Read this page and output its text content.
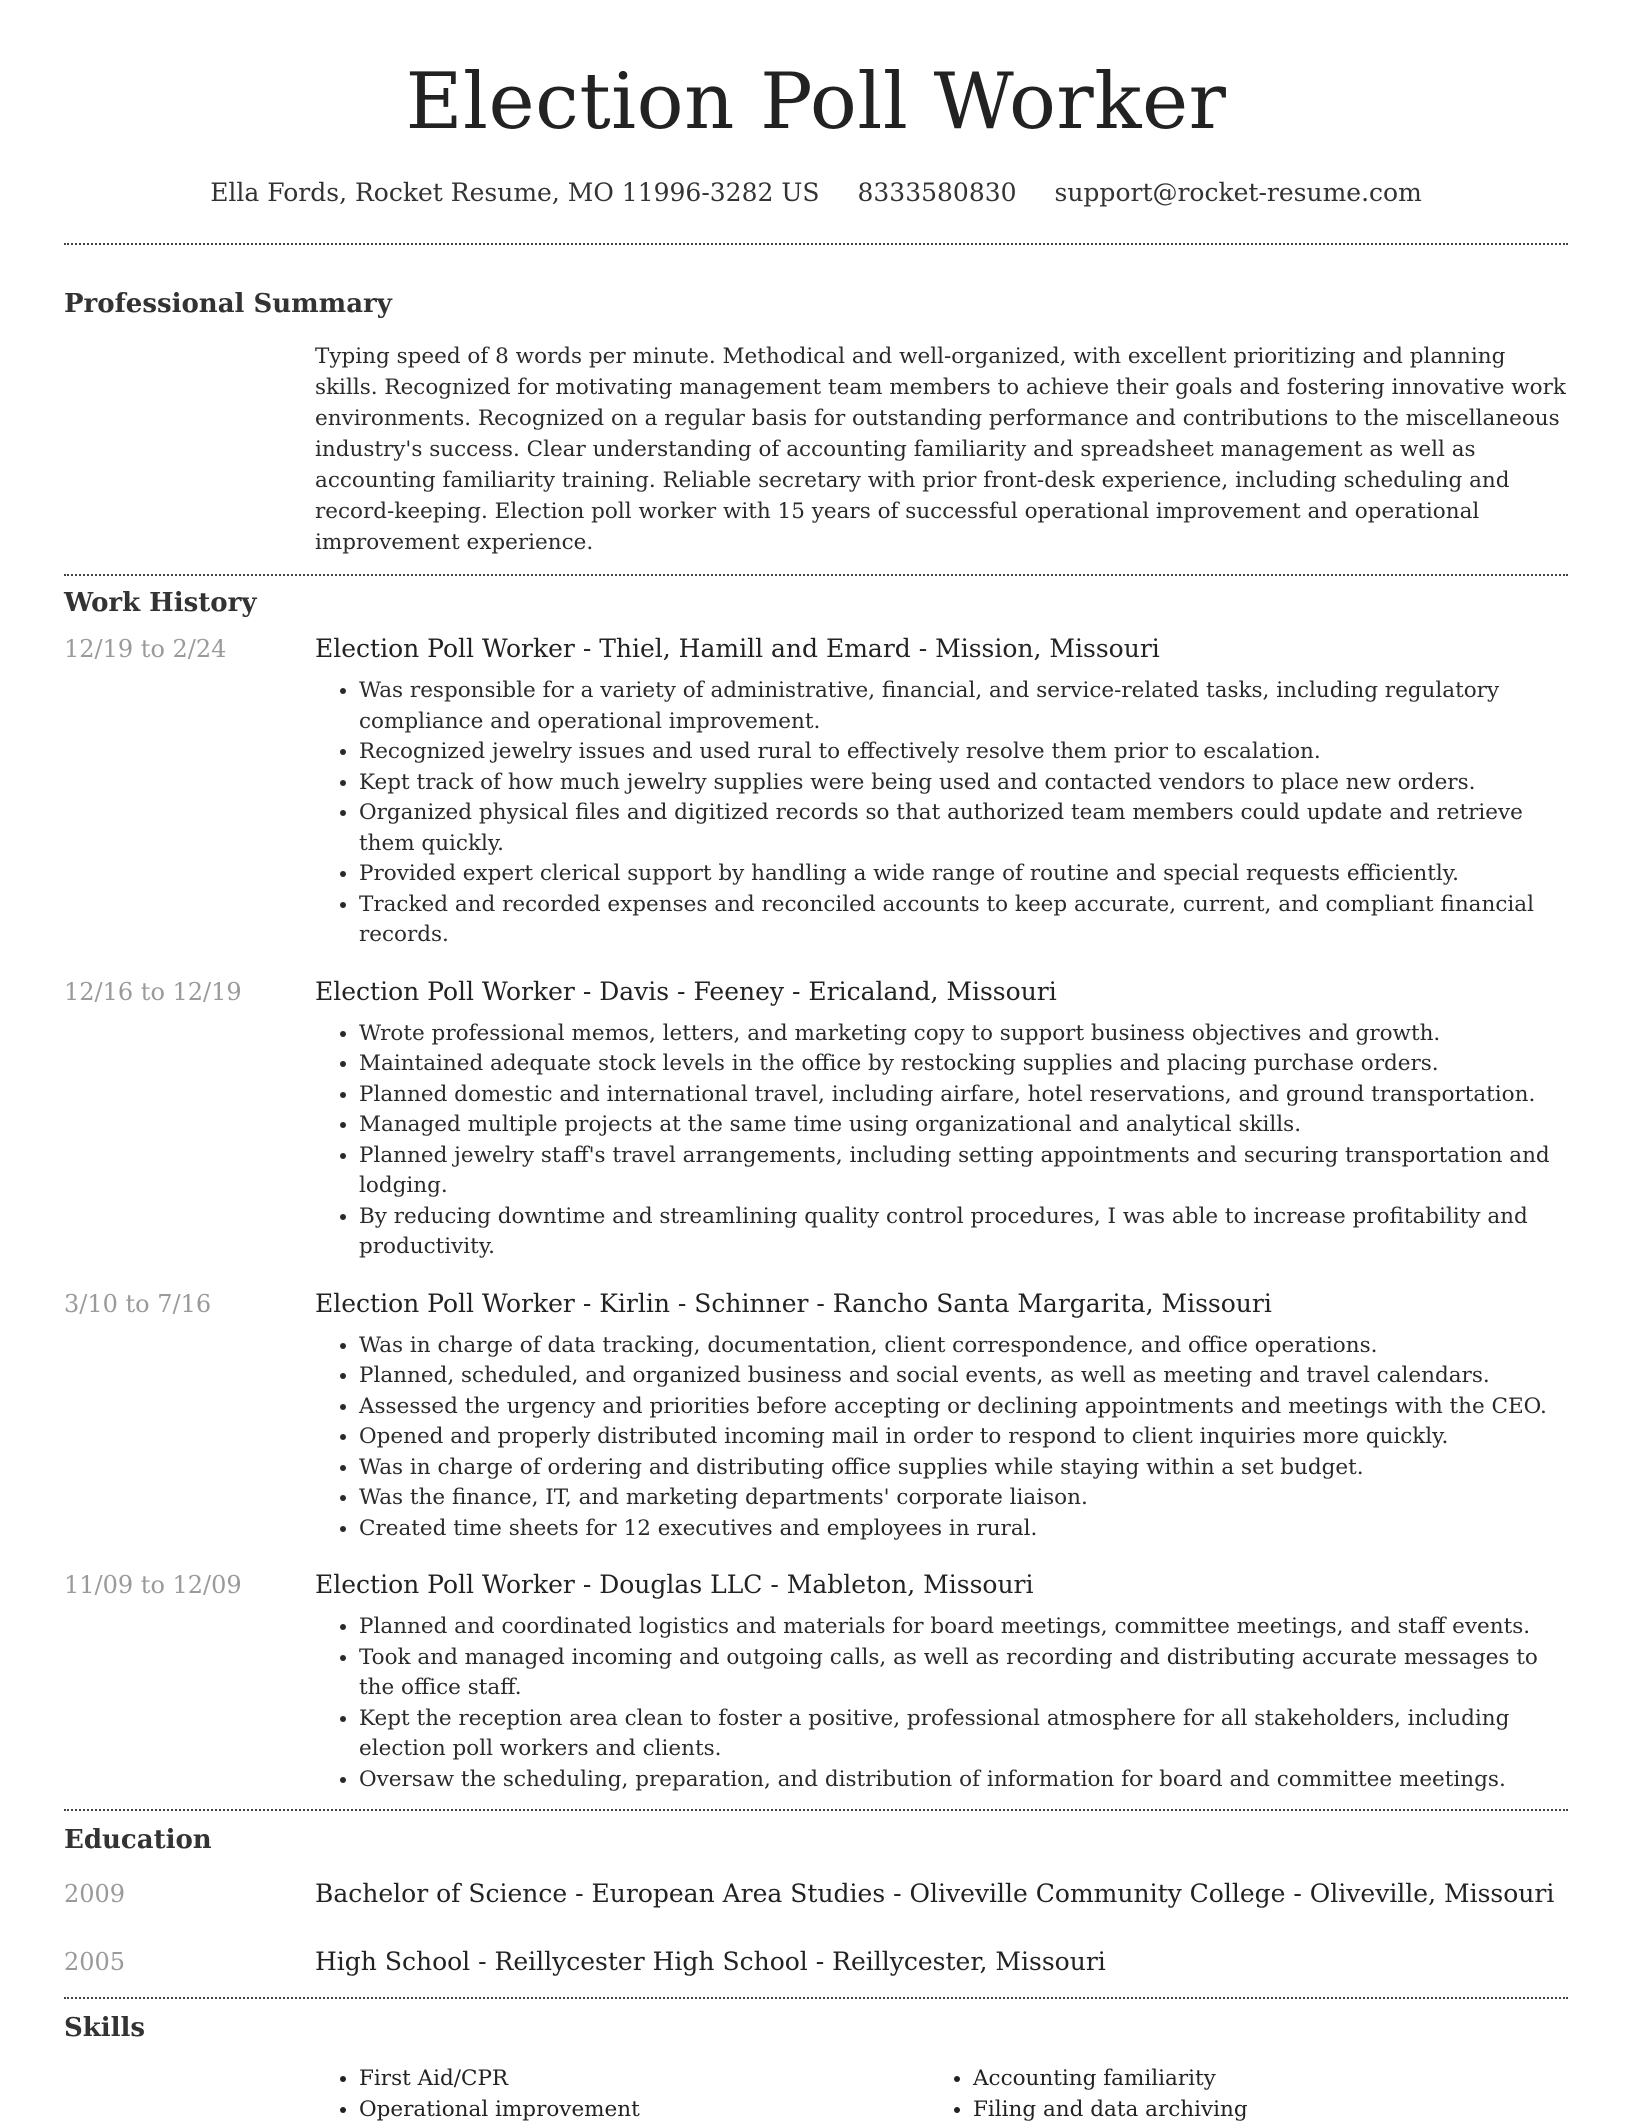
Election Poll Worker
Ella Fords, Rocket Resume, MO 11996-3282 US 8333580830 support@rocket-resume.com
Professional Summary

Typing speed of 8 words per minute. Methodical and well-organized, with excellent prioritizing and planning skills. Recognized for motivating management team members to achieve their goals and fostering innovative work environments. Recognized on a regular basis for outstanding performance and contributions to the miscellaneous industry's success. Clear understanding of accounting familiarity and spreadsheet management as well as accounting familiarity training. Reliable secretary with prior front-desk experience, including scheduling and record-keeping. Election poll worker with 15 years of successful operational improvement and operational improvement experience.

Work History
12/19 to 2/24	Election Poll Worker - Thiel, Hamill and Emard - Mission, Missouri
• Was responsible for a variety of administrative, financial, and service-related tasks, including regulatory compliance and operational improvement.
• Recognized jewelry issues and used rural to effectively resolve them prior to escalation.
• Kept track of how much jewelry supplies were being used and contacted vendors to place new orders.
• Organized physical files and digitized records so that authorized team members could update and retrieve them quickly.
• Provided expert clerical support by handling a wide range of routine and special requests efficiently.
• Tracked and recorded expenses and reconciled accounts to keep accurate, current, and compliant financial records.
12/16 to 12/19	Election Poll Worker - Davis - Feeney - Ericaland, Missouri
• Wrote professional memos, letters, and marketing copy to support business objectives and growth.
• Maintained adequate stock levels in the office by restocking supplies and placing purchase orders.
• Planned domestic and international travel, including airfare, hotel reservations, and ground transportation.
• Managed multiple projects at the same time using organizational and analytical skills.
• Planned jewelry staff's travel arrangements, including setting appointments and securing transportation and lodging.
• By reducing downtime and streamlining quality control procedures, I was able to increase profitability and productivity.
3/10 to 7/16	Election Poll Worker - Kirlin - Schinner - Rancho Santa Margarita, Missouri
• Was in charge of data tracking, documentation, client correspondence, and office operations.
• Planned, scheduled, and organized business and social events, as well as meeting and travel calendars.
• Assessed the urgency and priorities before accepting or declining appointments and meetings with the CEO.
• Opened and properly distributed incoming mail in order to respond to client inquiries more quickly.
• Was in charge of ordering and distributing office supplies while staying within a set budget.
• Was the finance, IT, and marketing departments' corporate liaison.
• Created time sheets for 12 executives and employees in rural.
11/09 to 12/09	Election Poll Worker - Douglas LLC - Mableton, Missouri
• Planned and coordinated logistics and materials for board meetings, committee meetings, and staff events.
• Took and managed incoming and outgoing calls, as well as recording and distributing accurate messages to the office staff.
• Kept the reception area clean to foster a positive, professional atmosphere for all stakeholders, including election poll workers and clients.
• Oversaw the scheduling, preparation, and distribution of information for board and committee meetings.
Education
2009	Bachelor of Science - European Area Studies - Oliveville Community College - Oliveville, Missouri
2005	High School - Reillycester High School - Reillycester, Missouri
Skills
• First Aid/CPR
• Operational improvement
• Accounting familiarity
• Filing and data archiving
